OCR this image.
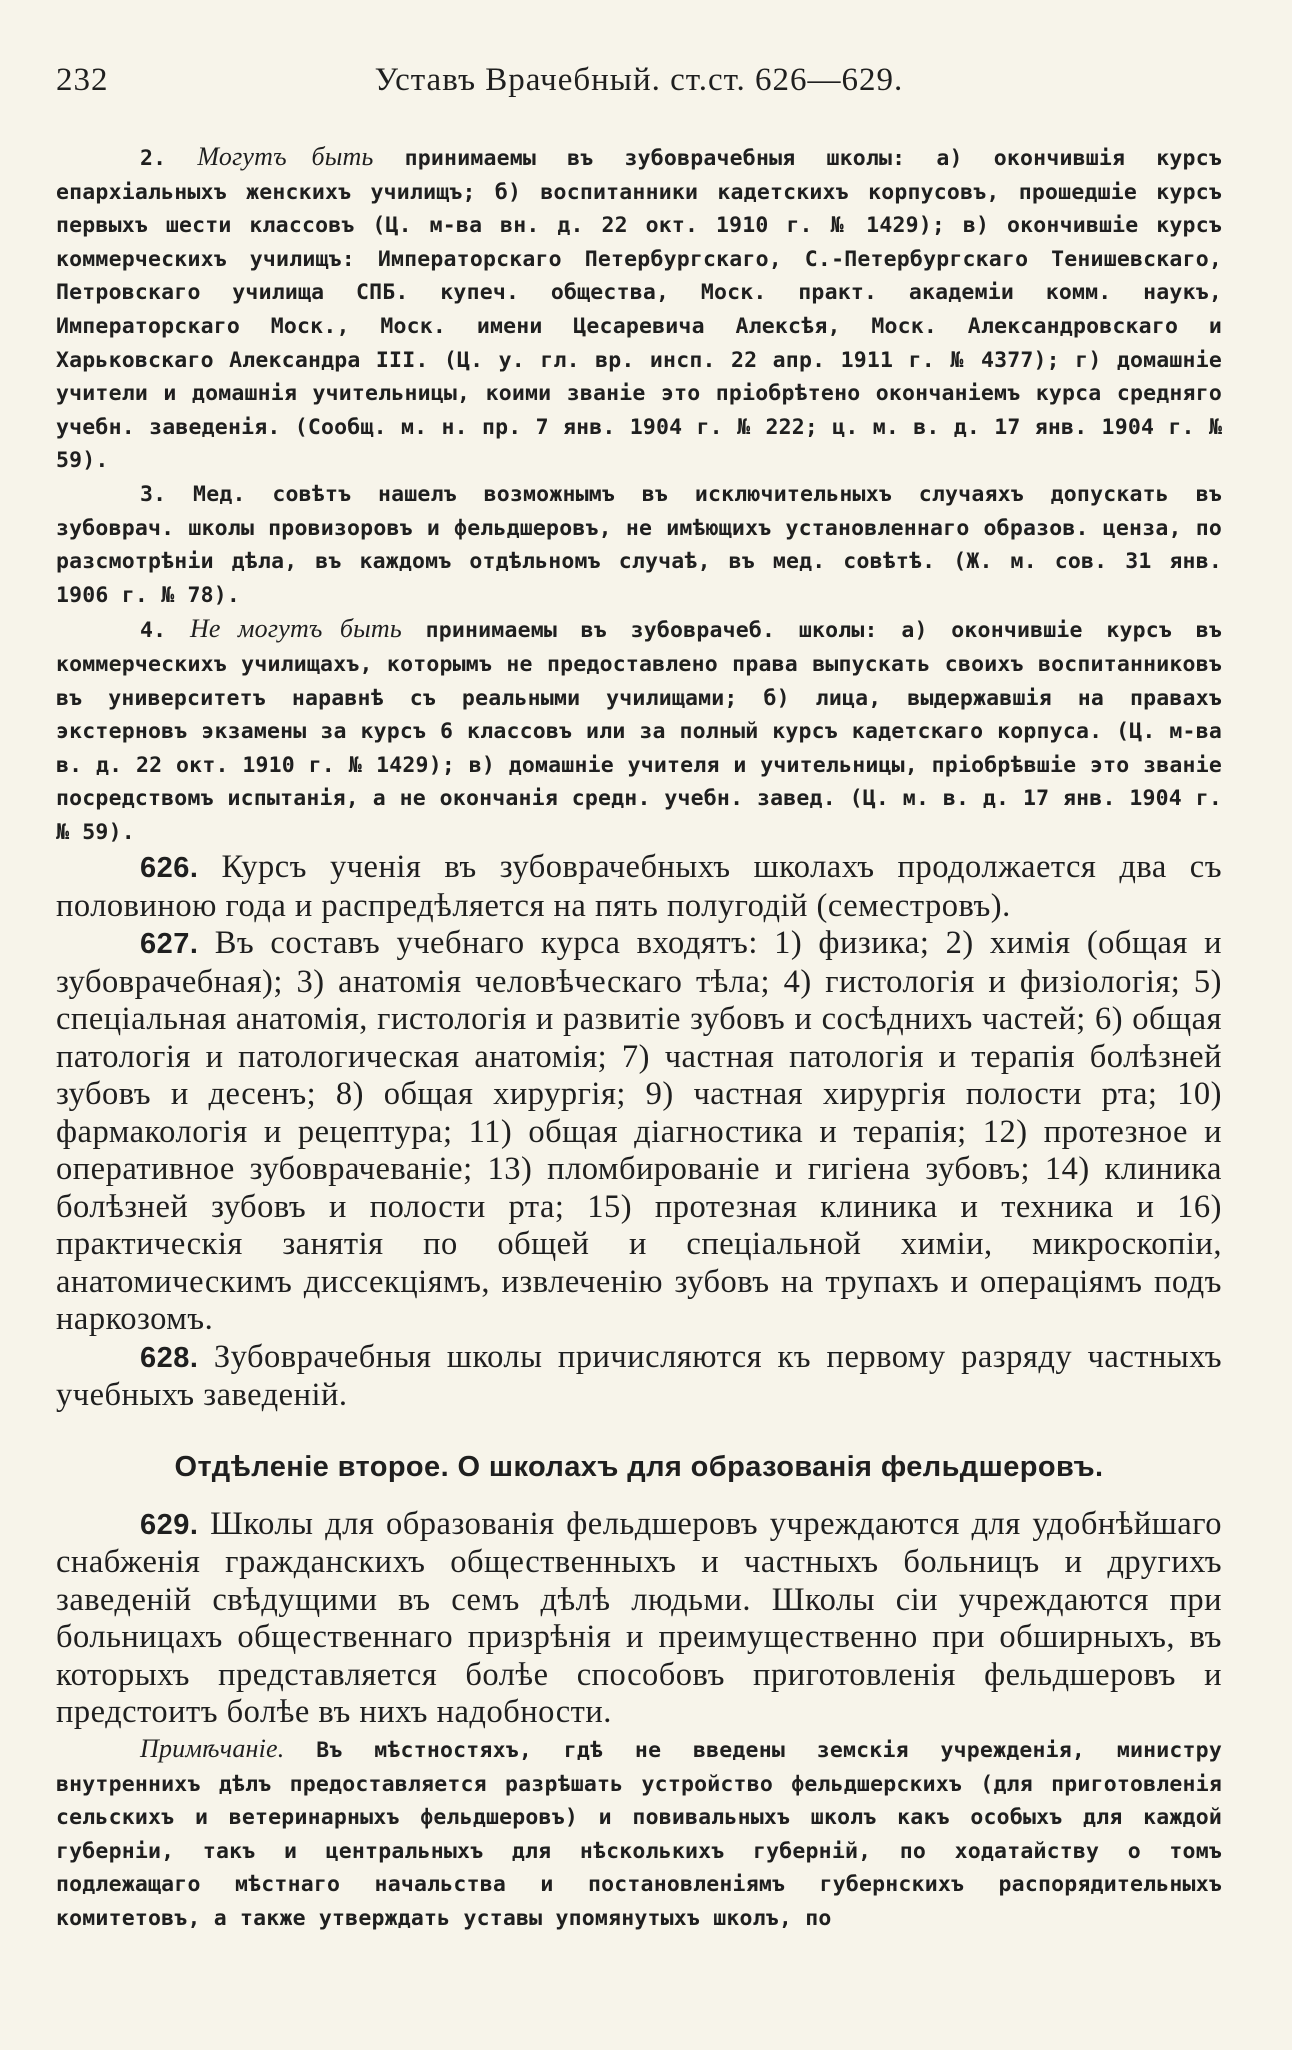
232	Уставъ Врачебный. ст.ст. 626—629.

2. Могутъ быть принимаемы въ зубоврачебныя школы: а) окончившія курсъ епархіальныхъ женскихъ училищъ; б) воспитанники кадетскихъ корпусовъ, прошедшіе курсъ первыхъ шести классовъ (Ц. м-ва вн. д. 22 окт. 1910 г. № 1429); в) окончившіе курсъ коммерческихъ училищъ: Императорскаго Петербургскаго, С.-Петербургскаго Тенишевскаго, Петровскаго училища СПБ. купеч. общества, Моск. практ. академіи комм. наукъ, Императорскаго Моск., Моск. имени Цесаревича Алексѣя, Моск. Александровскаго и Харьковскаго Александра III. (Ц. у. гл. вр. инсп. 22 апр. 1911 г. № 4377); г) домашніе учители и домашнія учительницы, коими званіе это пріобрѣтено окончаніемъ курса средняго учебн. заведенія. (Сообщ. м. н. пр. 7 янв. 1904 г. № 222; ц. м. в. д. 17 янв. 1904 г. № 59).

3. Мед. совѣтъ нашелъ возможнымъ въ исключительныхъ случаяхъ допускать въ зубоврач. школы провизоровъ и фельдшеровъ, не имѣющихъ установленнаго образов. ценза, по разсмотрѣніи дѣла, въ каждомъ отдѣльномъ случаѣ, въ мед. совѣтѣ. (Ж. м. сов. 31 янв. 1906 г. № 78).

4. Не могутъ быть принимаемы въ зубоврачеб. школы: а) окончившіе курсъ въ коммерческихъ училищахъ, которымъ не предоставлено права выпускать своихъ воспитанниковъ въ университетъ наравнѣ съ реальными училищами; б) лица, выдержавшія на правахъ экстерновъ экзамены за курсъ 6 классовъ или за полный курсъ кадетскаго корпуса. (Ц. м-ва в. д. 22 окт. 1910 г. № 1429); в) домашніе учителя и учительницы, пріобрѣвшіе это званіе посредствомъ испытанія, а не окончанія средн. учебн. завед. (Ц. м. в. д. 17 янв. 1904 г. № 59).

626. Курсъ ученія въ зубоврачебныхъ школахъ продолжается два съ половиною года и распредѣляется на пять полугодій (семестровъ).

627. Въ составъ учебнаго курса входятъ: 1) физика; 2) химія (общая и зубоврачебная); 3) анатомія человѣческаго тѣла; 4) гистологія и физіологія; 5) спеціальная анатомія, гистологія и развитіе зубовъ и сосѣднихъ частей; 6) общая патологія и патологическая анатомія; 7) частная патологія и терапія болѣзней зубовъ и десенъ; 8) общая хирургія; 9) частная хирургія полости рта; 10) фармакологія и рецептура; 11) общая діагностика и терапія; 12) протезное и оперативное зубоврачеваніе; 13) пломбированіе и гигіена зубовъ; 14) клиника болѣзней зубовъ и полости рта; 15) протезная клиника и техника и 16) практическія занятія по общей и спеціальной химіи, микроскопіи, анатомическимъ диссекціямъ, извлеченію зубовъ на трупахъ и операціямъ подъ наркозомъ.

628. Зубоврачебныя школы причисляются къ первому разряду частныхъ учебныхъ заведеній.

Отдѣленіе второе. О школахъ для образованія фельдшеровъ.

629. Школы для образованія фельдшеровъ учреждаются для удобнѣйшаго снабженія гражданскихъ общественныхъ и частныхъ больницъ и другихъ заведеній свѣдущими въ семъ дѣлѣ людьми. Школы сіи учреждаются при больницахъ общественнаго призрѣнія и преимущественно при обширныхъ, въ которыхъ представляется болѣе способовъ приготовленія фельдшеровъ и предстоитъ болѣе въ нихъ надобности.

Примѣчаніе. Въ мѣстностяхъ, гдѣ не введены земскія учрежденія, министру внутреннихъ дѣлъ предоставляется разрѣшать устройство фельдшерскихъ (для приготовленія сельскихъ и ветеринарныхъ фельдшеровъ) и повивальныхъ школъ какъ особыхъ для каждой губерніи, такъ и центральныхъ для нѣсколькихъ губерній, по ходатайству о томъ подлежащаго мѣстнаго начальства и постановленіямъ губернскихъ распорядительныхъ комитетовъ, а также утверждать уставы упомянутыхъ школъ, по
